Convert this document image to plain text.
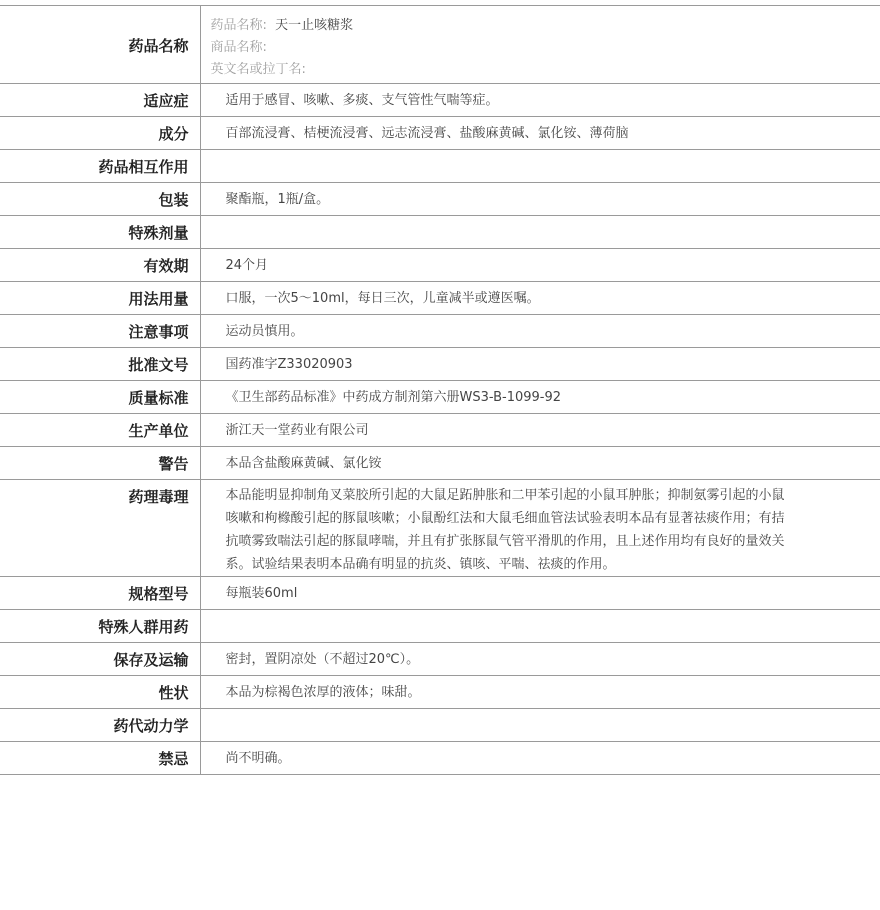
药品名称	药品名称: 天一止咳糖浆
商品名称:
英文名或拉丁名:

适应症	适用于感冒、咳嗽、多痰、支气管性气喘等症。
成分	百部流浸膏、桔梗流浸膏、远志流浸膏、盐酸麻黄碱、氯化铵、薄荷脑
药品相互作用	
包装	聚酯瓶，1瓶/盒。
特殊剂量	
有效期	24个月
用法用量	口服，一次5～10ml，每日三次，儿童减半或遵医嘱。
注意事项	运动员慎用。
批准文号	国药准字Z33020903
质量标准	《卫生部药品标准》中药成方制剂第六册WS3-B-1099-92
生产单位	浙江天一堂药业有限公司
警告	本品含盐酸麻黄碱、氯化铵
药理毒理	本品能明显抑制角叉菜胶所引起的大鼠足跖肿胀和二甲苯引起的小鼠耳肿胀；抑制氨雾引起的小鼠咳嗽和枸橼酸引起的豚鼠咳嗽；小鼠酚红法和大鼠毛细血管法试验表明本品有显著祛痰作用；有拮抗喷雾致喘法引起的豚鼠哮喘，并且有扩张豚鼠气管平滑肌的作用，且上述作用均有良好的量效关系。试验结果表明本品确有明显的抗炎、镇咳、平喘、祛痰的作用。
规格型号	每瓶装60ml
特殊人群用药	
保存及运输	密封，置阴凉处（不超过20℃）。
性状	本品为棕褐色浓厚的液体；味甜。
药代动力学	
禁忌	尚不明确。
